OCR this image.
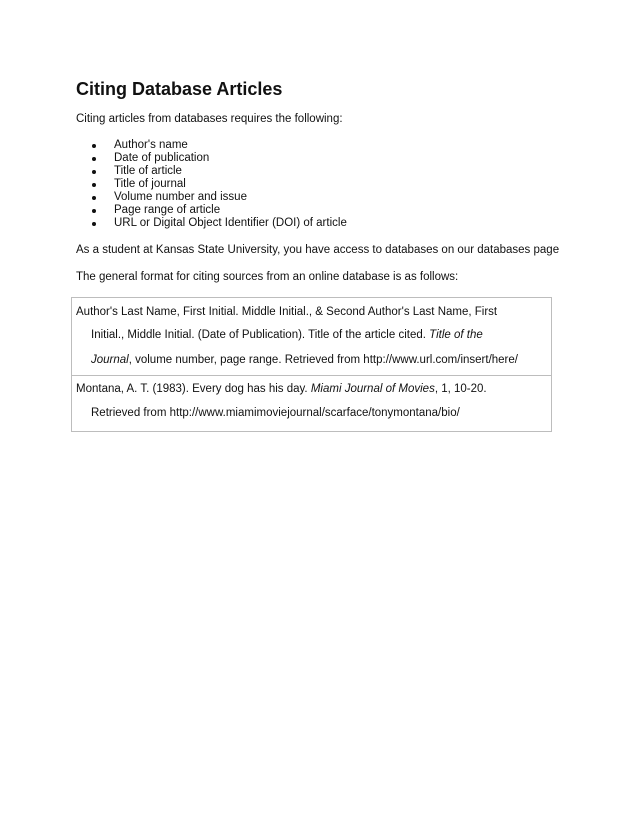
Citing Database Articles
Citing articles from databases requires the following:
Author's name
Date of publication
Title of article
Title of journal
Volume number and issue
Page range of article
URL or Digital Object Identifier (DOI) of article
As a student at Kansas State University, you have access to databases on our databases page
The general format for citing sources from an online database is as follows:
Author's Last Name, First Initial. Middle Initial., & Second Author's Last Name, First
Initial., Middle Initial. (Date of Publication). Title of the article cited. Title of the
Journal, volume number, page range. Retrieved from http://www.url.com/insert/here/
Montana, A. T. (1983). Every dog has his day. Miami Journal of Movies, 1, 10-20.
Retrieved from http://www.miamimoviejournal/scarface/tonymontana/bio/
